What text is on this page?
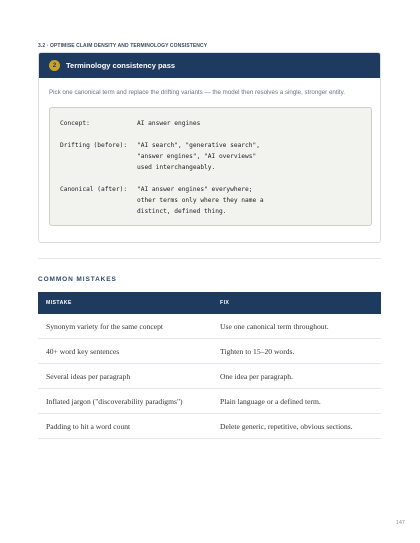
3.2 · OPTIMISE CLAIM DENSITY AND TERMINOLOGY CONSISTENCY
2	Terminology consistency pass
Pick one canonical term and replace the drifting variants — the model then resolves a single, stronger entity.
Concept:	AI answer engines
Drifting (before):	"AI search", "generative search",
"answer engines", "AI overviews"
used interchangeably.
Canonical (after):	"AI answer engines" everywhere;
other terms only where they name a
distinct, defined thing.
COMMON MISTAKES
MISTAKE	FIX
Synonym variety for the same concept	Use one canonical term throughout.
40+ word key sentences	Tighten to 15–20 words.
Several ideas per paragraph	One idea per paragraph.
Inflated jargon ("discoverability paradigms")	Plain language or a defined term.
Padding to hit a word count	Delete generic, repetitive, obvious sections.
147
